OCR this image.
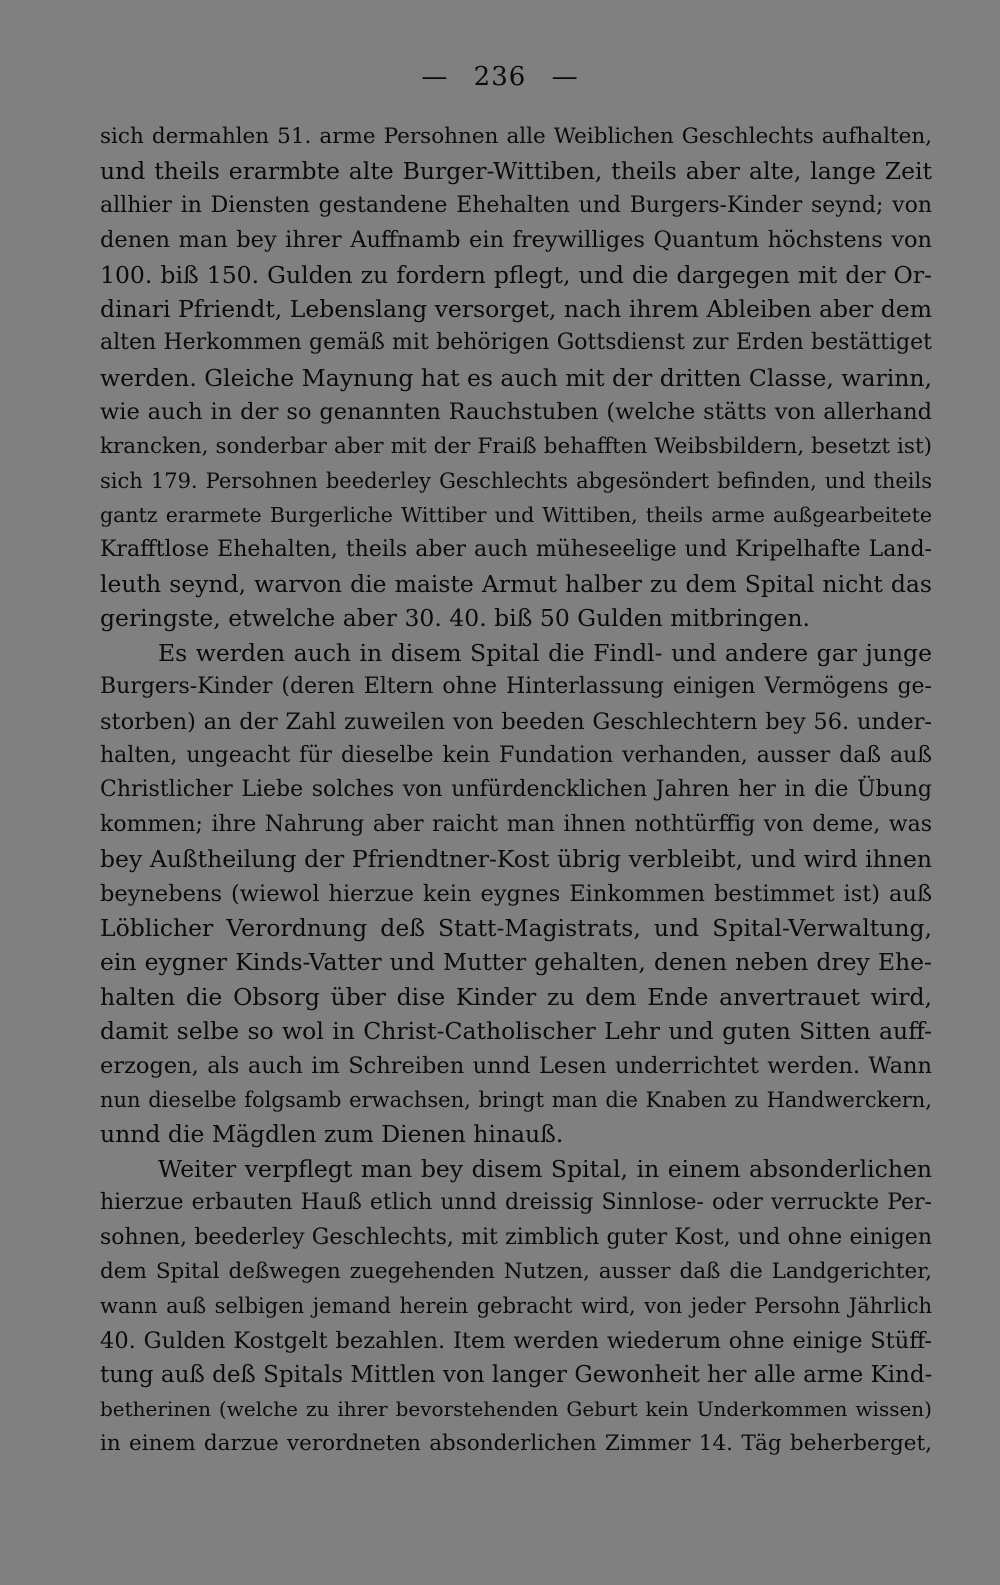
— 236 —
sich dermahlen 51. arme Persohnen alle Weiblichen Geschlechts aufhalten,
und theils erarmbte alte Burger-Wittiben, theils aber alte, lange Zeit
allhier in Diensten gestandene Ehehalten und Burgers-Kinder seynd; von
denen man bey ihrer Auffnamb ein freywilliges Quantum höchstens von
100. biß 150. Gulden zu fordern pflegt, und die dargegen mit der Or-
dinari Pfriendt, Lebenslang versorget, nach ihrem Ableiben aber dem
alten Herkommen gemäß mit behörigen Gottsdienst zur Erden bestättiget
werden. Gleiche Maynung hat es auch mit der dritten Classe, warinn,
wie auch in der so genannten Rauchstuben (welche stätts von allerhand
krancken, sonderbar aber mit der Fraiß behafften Weibsbildern, besetzt ist)
sich 179. Persohnen beederley Geschlechts abgesöndert befinden, und theils
gantz erarmete Burgerliche Wittiber und Wittiben, theils arme außgearbeitete
Krafftlose Ehehalten, theils aber auch müheseelige und Kripelhafte Land-
leuth seynd, warvon die maiste Armut halber zu dem Spital nicht das
geringste, etwelche aber 30. 40. biß 50 Gulden mitbringen.
Es werden auch in disem Spital die Findl- und andere gar junge
Burgers-Kinder (deren Eltern ohne Hinterlassung einigen Vermögens ge-
storben) an der Zahl zuweilen von beeden Geschlechtern bey 56. under-
halten, ungeacht für dieselbe kein Fundation verhanden, ausser daß auß
Christlicher Liebe solches von unfürdencklichen Jahren her in die Übung
kommen; ihre Nahrung aber raicht man ihnen nothtürffig von deme, was
bey Außtheilung der Pfriendtner-Kost übrig verbleibt, und wird ihnen
beynebens (wiewol hierzue kein eygnes Einkommen bestimmet ist) auß
Löblicher Verordnung deß Statt-Magistrats, und Spital-Verwaltung,
ein eygner Kinds-Vatter und Mutter gehalten, denen neben drey Ehe-
halten die Obsorg über dise Kinder zu dem Ende anvertrauet wird,
damit selbe so wol in Christ-Catholischer Lehr und guten Sitten auff-
erzogen, als auch im Schreiben unnd Lesen underrichtet werden. Wann
nun dieselbe folgsamb erwachsen, bringt man die Knaben zu Handwerckern,
unnd die Mägdlen zum Dienen hinauß.
Weiter verpflegt man bey disem Spital, in einem absonderlichen
hierzue erbauten Hauß etlich unnd dreissig Sinnlose- oder verruckte Per-
sohnen, beederley Geschlechts, mit zimblich guter Kost, und ohne einigen
dem Spital deßwegen zuegehenden Nutzen, ausser daß die Landgerichter,
wann auß selbigen jemand herein gebracht wird, von jeder Persohn Jährlich
40. Gulden Kostgelt bezahlen. Item werden wiederum ohne einige Stüff-
tung auß deß Spitals Mittlen von langer Gewonheit her alle arme Kind-
betherinen (welche zu ihrer bevorstehenden Geburt kein Underkommen wissen)
in einem darzue verordneten absonderlichen Zimmer 14. Täg beherberget,
